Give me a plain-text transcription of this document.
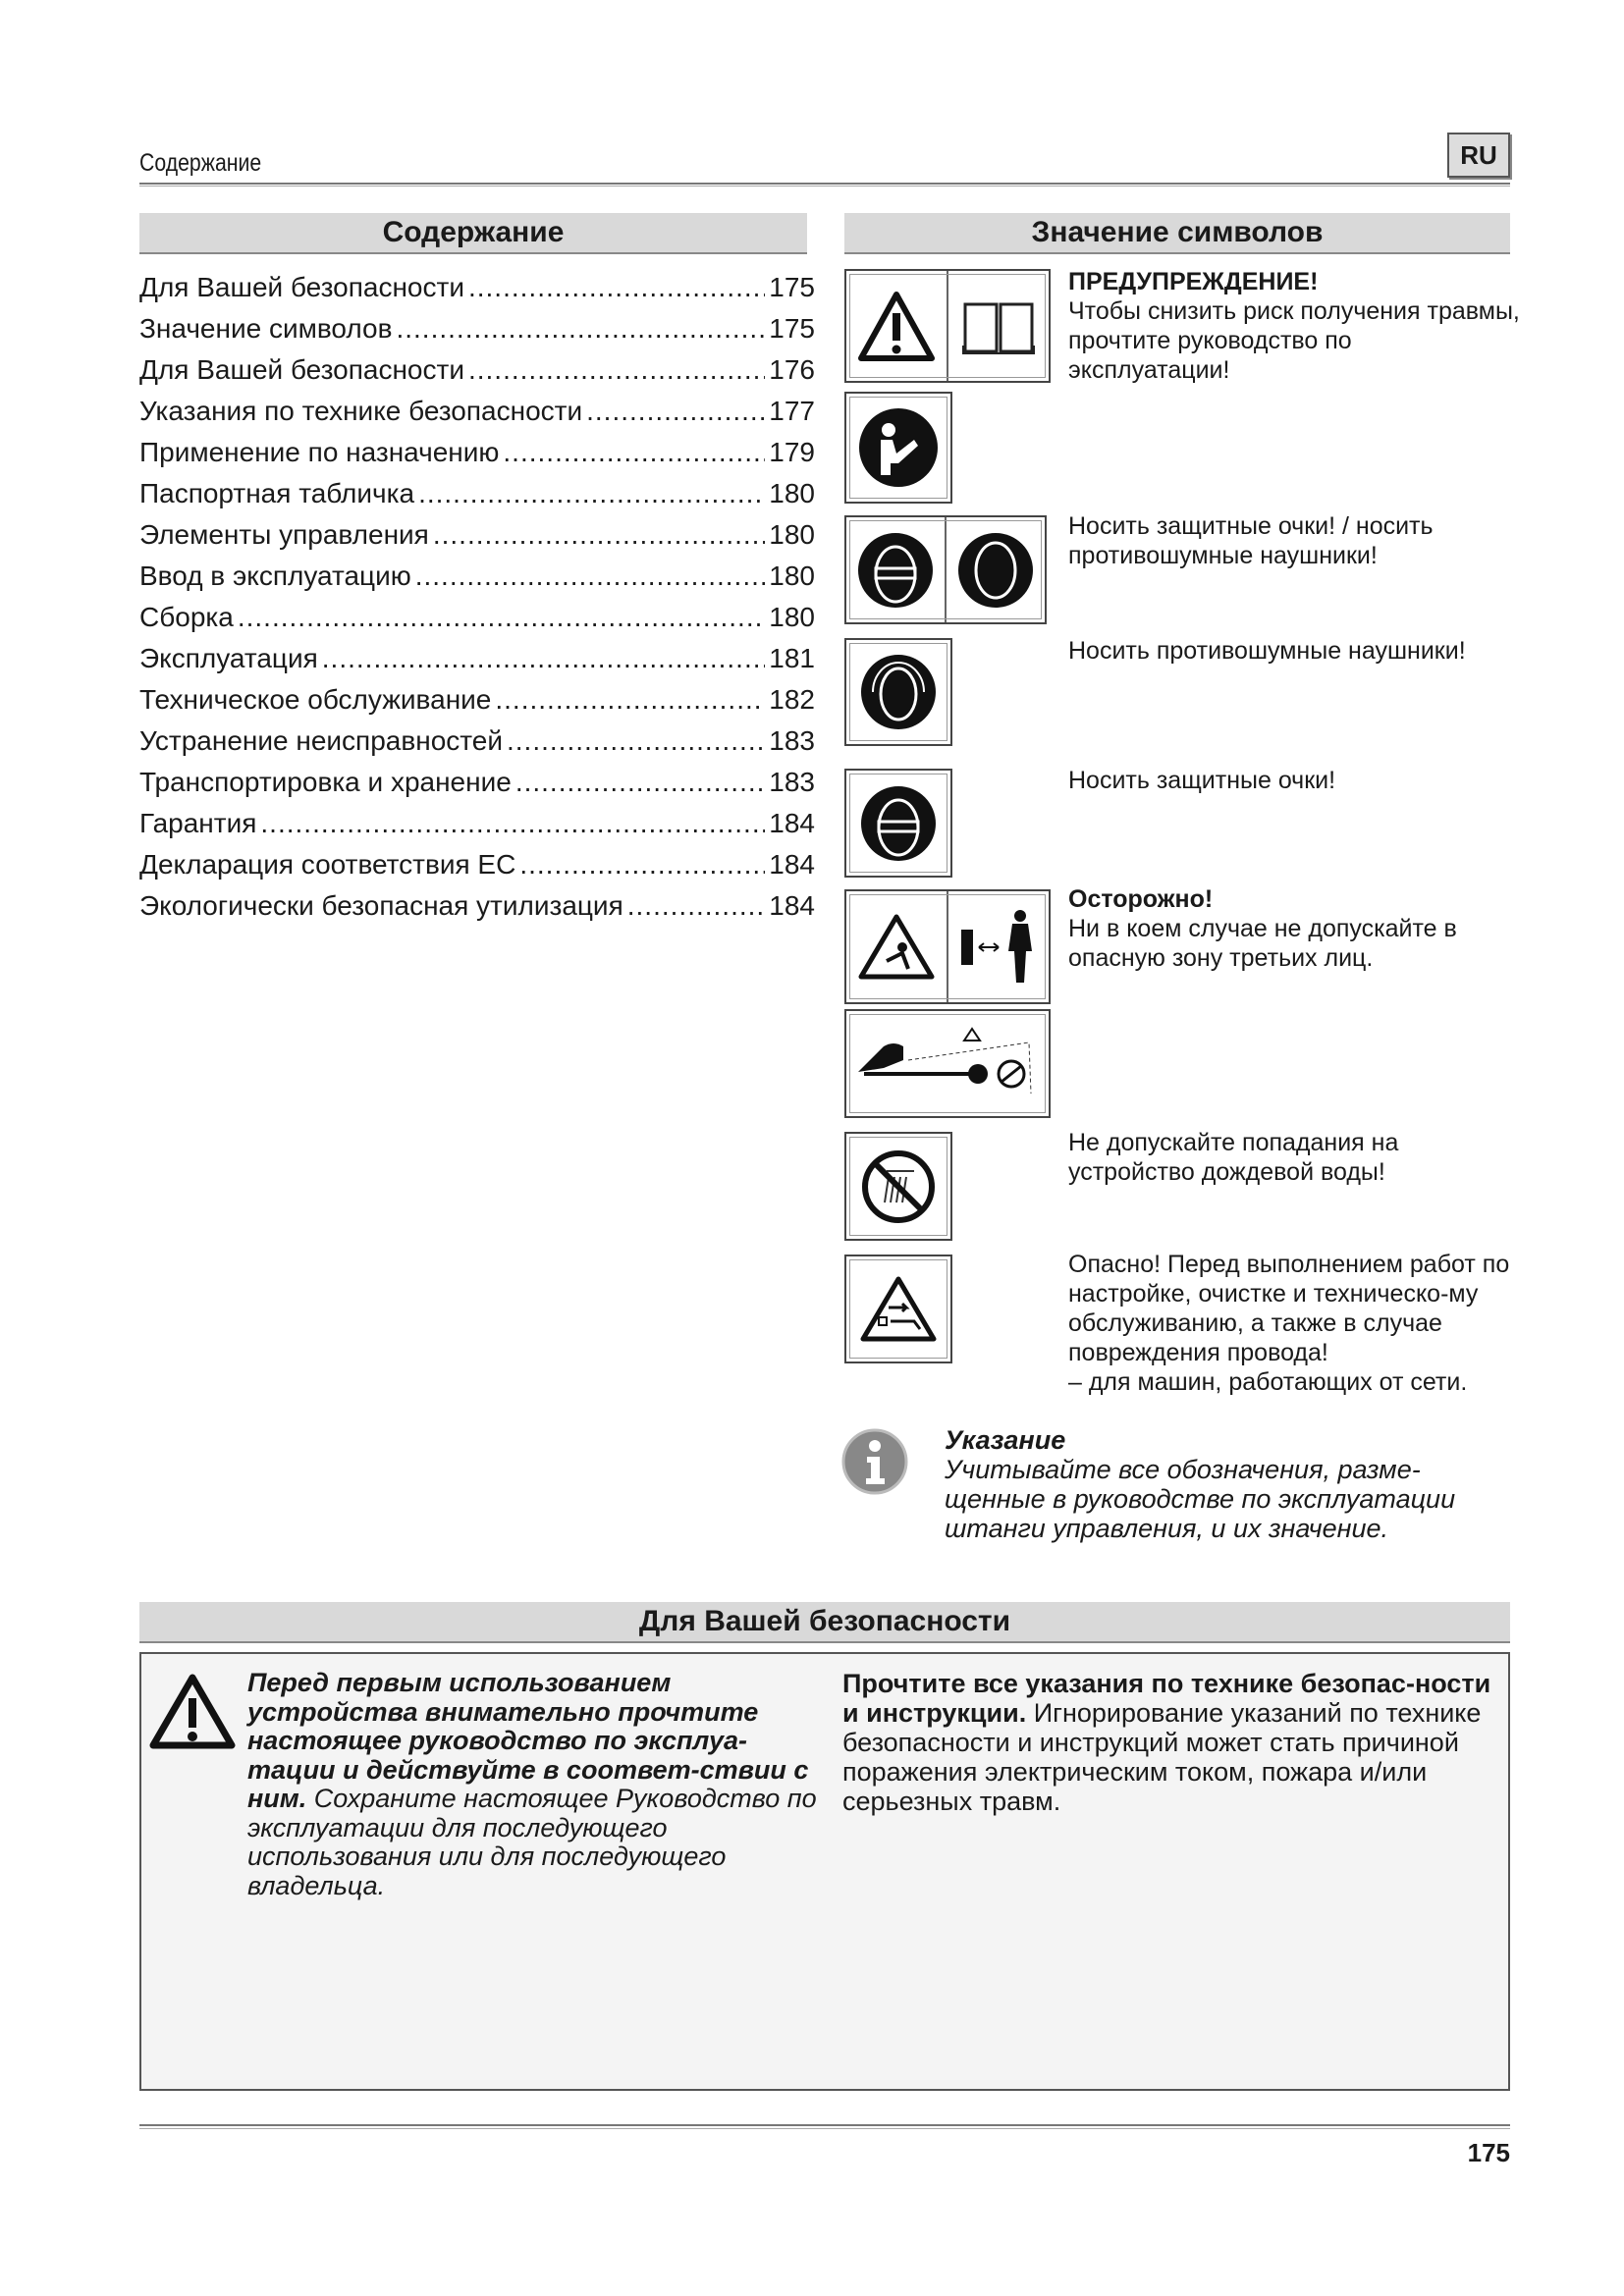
Содержание	RU
Содержание
Для Вашей безопасности .....	175
Значение символов .....	175
Для Вашей безопасности .....	176
Указания по технике безопасности .....	177
Применение по назначению .....	179
Паспортная табличка .....	180
Элементы управления .....	180
Ввод в эксплуатацию .....	180
Сборка .....	180
Эксплуатация .....	181
Техническое обслуживание .....	182
Устранение неисправностей .....	183
Транспортировка и хранение .....	183
Гарантия .....	184
Декларация соответствия ЕС .....	184
Экологически безопасная утилизация .....	184
Значение символов
ПРЕДУПРЕЖДЕНИЕ!
Чтобы снизить риск получения травмы, прочтите руководство по эксплуатации!
Носить защитные очки! / носить противошумные наушники!
Носить противошумные наушники!
Носить защитные очки!
Осторожно!
Ни в коем случае не допускайте в опасную зону третьих лиц.
Не допускайте попадания на устройство дождевой воды!
Опасно! Перед выполнением работ по настройке, очистке и техническо-му обслуживанию, а также в случае повреждения провода!
– для машин, работающих от сети.
Указание
Учитывайте все обозначения, разме-щенные в руководстве по эксплуатации штанги управления, и их значение.
Для Вашей безопасности
Перед первым использованием устройства внимательно прочтите настоящее руководство по эксплуа-тации и действуйте в соответ-ствии с ним. Сохраните настоящее Руководство по эксплуатации для последующего использования или для последующего владельца.
Прочтите все указания по технике безопас-ности и инструкции. Игнорирование указаний по технике безопасности и инструкций может стать причиной поражения электрическим током, пожара и/или серьезных травм.
175
